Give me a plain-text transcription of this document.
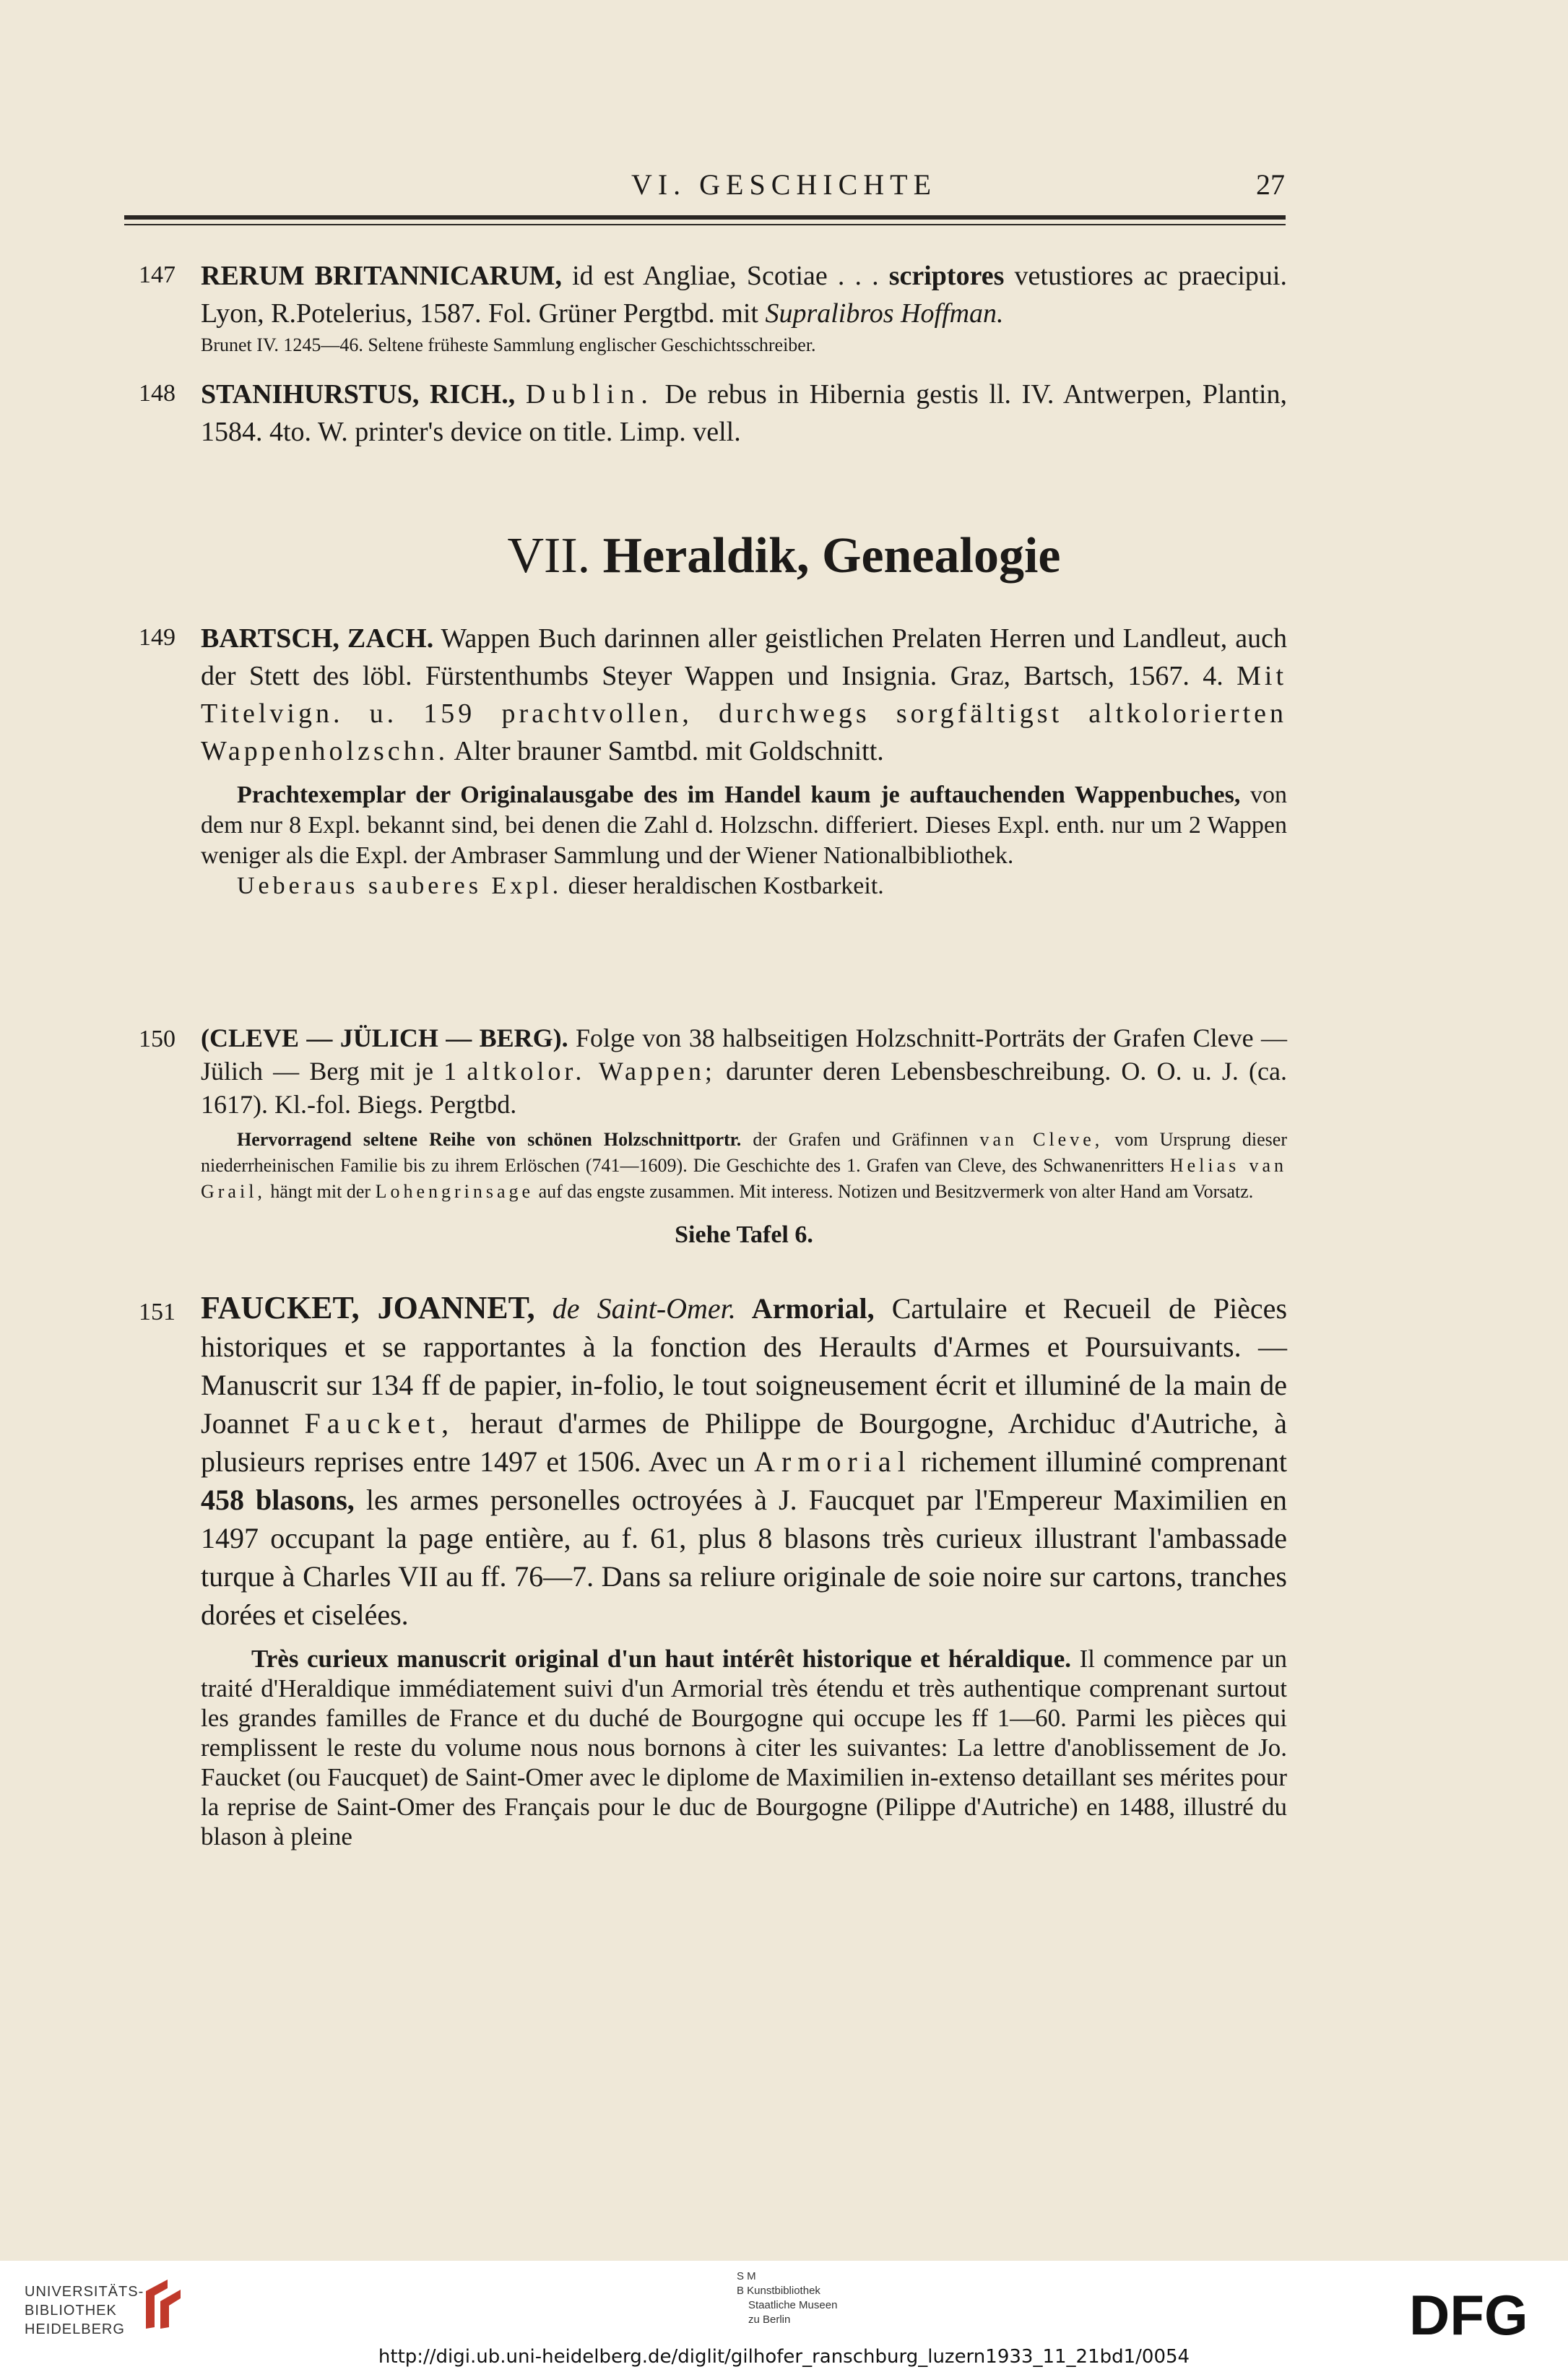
VI. GESCHICHTE	27
147 RERUM BRITANNICARUM, id est Angliae, Scotiae . . . scriptores vetustiores ac praecipui. Lyon, R.Potelerius, 1587. Fol. Grüner Pergtbd. mit Supralibros Hoffman.
Brunet IV. 1245—46. Seltene früheste Sammlung englischer Geschichtsschreiber.
148 STANIHURSTUS, RICH., Dublin. De rebus in Hibernia gestis ll. IV. Antwerpen, Plantin, 1584. 4to. W. printer's device on title. Limp. vell.
VII. Heraldik, Genealogie
149 BARTSCH, ZACH. Wappen Buch darinnen aller geistlichen Prelaten Herren und Landleut, auch der Stett des löbl. Fürstenthumbs Steyer Wappen und Insignia. Graz, Bartsch, 1567. 4. Mit Titelvign. u. 159 prachtvollen, durchwegs sorgfältigst altkolorierten Wappenholzschn. Alter brauner Samtbd. mit Goldschnitt.
Prachtexemplar der Originalausgabe des im Handel kaum je auftauchenden Wappenbuches, von dem nur 8 Expl. bekannt sind, bei denen die Zahl d. Holzschn. differiert. Dieses Expl. enth. nur um 2 Wappen weniger als die Expl. der Ambraser Sammlung und der Wiener Nationalbibliothek.
Ueberaus sauberes Expl. dieser heraldischen Kostbarkeit.
150 (CLEVE — JÜLICH — BERG). Folge von 38 halbseitigen Holzschnitt-Porträts der Grafen Cleve — Jülich — Berg mit je 1 altkolor. Wappen; darunter deren Lebensbeschreibung. O. O. u. J. (ca. 1617). Kl.-fol. Biegs. Pergtbd.
Hervorragend seltene Reihe von schönen Holzschnittportr. der Grafen und Gräfinnen van Cleve, vom Ursprung dieser niederrheinischen Familie bis zu ihrem Erlöschen (741—1609). Die Geschichte des 1. Grafen van Cleve, des Schwanenritters Helias van Grail, hängt mit der Lohengrinsage auf das engste zusammen. Mit interess. Notizen und Besitzvermerk von alter Hand am Vorsatz.
Siehe Tafel 6.
151 FAUCKET, JOANNET, de Saint-Omer. Armorial, Cartulaire et Recueil de Pièces historiques et se rapportantes à la fonction des Heraults d'Armes et Poursuivants. — Manuscrit sur 134 ff de papier, in-folio, le tout soigneusement écrit et illuminé de la main de Joannet Faucket, heraut d'armes de Philippe de Bourgogne, Archiduc d'Autriche, à plusieurs reprises entre 1497 et 1506. Avec un Armorial richement illuminé comprenant 458 blasons, les armes personelles octroyées à J. Faucquet par l'Empereur Maximilien en 1497 occupant la page entière, au f. 61, plus 8 blasons très curieux illustrant l'ambassade turque à Charles VII au ff. 76—7. Dans sa reliure originale de soie noire sur cartons, tranches dorées et ciselées.
Très curieux manuscrit original d'un haut intérêt historique et héraldique. Il commence par un traité d'Heraldique immédiatement suivi d'un Armorial très étendu et très authentique comprenant surtout les grandes familles de France et du duché de Bourgogne qui occupe les ff 1—60. Parmi les pièces qui remplissent le reste du volume nous nous bornons à citer les suivantes: La lettre d'anoblissement de Jo. Faucket (ou Faucquet) de Saint-Omer avec le diplome de Maximilien in-extenso detaillant ses mérites pour la reprise de Saint-Omer des Français pour le duc de Bourgogne (Pilippe d'Autriche) en 1488, illustré du blason à pleine
UNIVERSITÄTS-
BIBLIOTHEK
HEIDELBERG
S M
B Kunstbibliothek
Staatliche Museen
zu Berlin	DFG
http://digi.ub.uni-heidelberg.de/diglit/gilhofer_ranschburg_luzern1933_11_21bd1/0054
